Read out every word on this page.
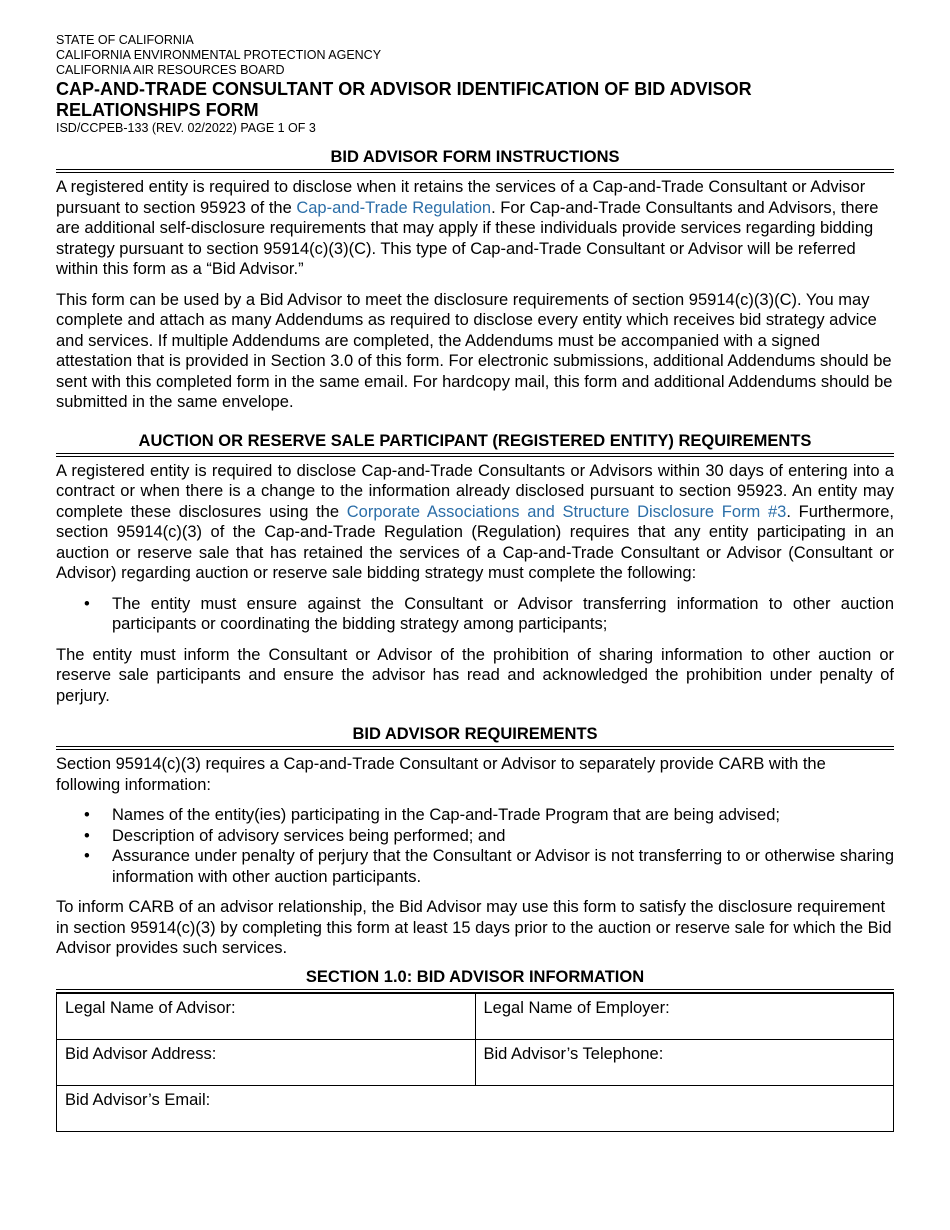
STATE OF CALIFORNIA
CALIFORNIA ENVIRONMENTAL PROTECTION AGENCY
CALIFORNIA AIR RESOURCES BOARD
CAP-AND-TRADE CONSULTANT OR ADVISOR IDENTIFICATION OF BID ADVISOR RELATIONSHIPS FORM
ISD/CCPEB-133 (REV. 02/2022) PAGE 1 OF 3
BID ADVISOR FORM INSTRUCTIONS

A registered entity is required to disclose when it retains the services of a Cap-and-Trade Consultant or Advisor pursuant to section 95923 of the Cap-and-Trade Regulation. For Cap-and-Trade Consultants and Advisors, there are additional self-disclosure requirements that may apply if these individuals provide services regarding bidding strategy pursuant to section 95914(c)(3)(C). This type of Cap-and-Trade Consultant or Advisor will be referred within this form as a “Bid Advisor.”

This form can be used by a Bid Advisor to meet the disclosure requirements of section 95914(c)(3)(C). You may complete and attach as many Addendums as required to disclose every entity which receives bid strategy advice and services. If multiple Addendums are completed, the Addendums must be accompanied with a signed attestation that is provided in Section 3.0 of this form. For electronic submissions, additional Addendums should be sent with this completed form in the same email. For hardcopy mail, this form and additional Addendums should be submitted in the same envelope.

AUCTION OR RESERVE SALE PARTICIPANT (REGISTERED ENTITY) REQUIREMENTS

A registered entity is required to disclose Cap-and-Trade Consultants or Advisors within 30 days of entering into a contract or when there is a change to the information already disclosed pursuant to section 95923. An entity may complete these disclosures using the Corporate Associations and Structure Disclosure Form #3. Furthermore, section 95914(c)(3) of the Cap-and-Trade Regulation (Regulation) requires that any entity participating in an auction or reserve sale that has retained the services of a Cap-and-Trade Consultant or Advisor (Consultant or Advisor) regarding auction or reserve sale bidding strategy must complete the following:

• The entity must ensure against the Consultant or Advisor transferring information to other auction participants or coordinating the bidding strategy among participants;

The entity must inform the Consultant or Advisor of the prohibition of sharing information to other auction or reserve sale participants and ensure the advisor has read and acknowledged the prohibition under penalty of perjury.

BID ADVISOR REQUIREMENTS

Section 95914(c)(3) requires a Cap-and-Trade Consultant or Advisor to separately provide CARB with the following information:

• Names of the entity(ies) participating in the Cap-and-Trade Program that are being advised;
• Description of advisory services being performed; and
• Assurance under penalty of perjury that the Consultant or Advisor is not transferring to or otherwise sharing information with other auction participants.

To inform CARB of an advisor relationship, the Bid Advisor may use this form to satisfy the disclosure requirement in section 95914(c)(3) by completing this form at least 15 days prior to the auction or reserve sale for which the Bid Advisor provides such services.

SECTION 1.0: BID ADVISOR INFORMATION
Legal Name of Advisor:	Legal Name of Employer:
Bid Advisor Address:	Bid Advisor’s Telephone:
Bid Advisor’s Email:	
